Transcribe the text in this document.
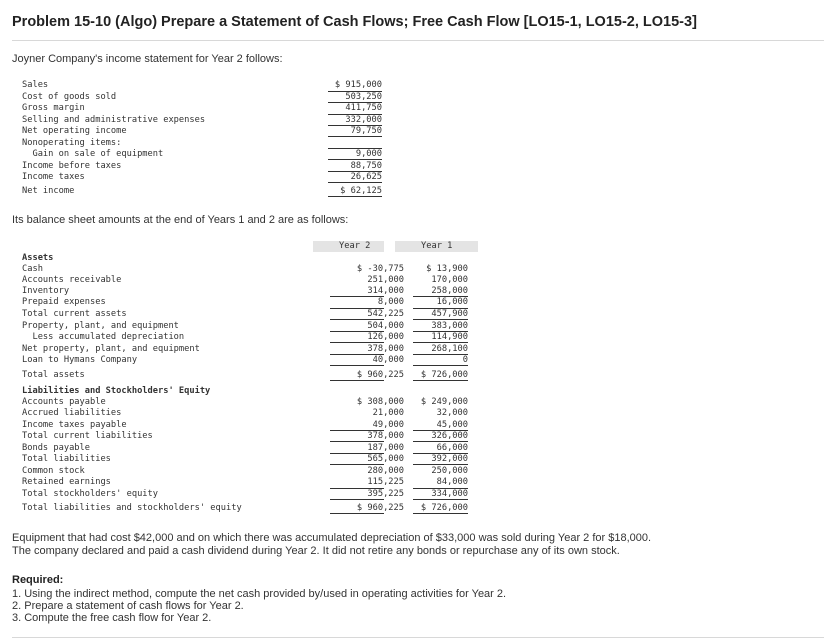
Problem 15-10 (Algo) Prepare a Statement of Cash Flows; Free Cash Flow [LO15-1, LO15-2, LO15-3]
Joyner Company's income statement for Year 2 follows:
Sales	$ 915,000
Cost of goods sold	503,250
Gross margin	411,750
Selling and administrative expenses	332,000
Net operating income	79,750
Nonoperating items:
Gain on sale of equipment	9,000
Income before taxes	88,750
Income taxes	26,625
Net income	$ 62,125
Its balance sheet amounts at the end of Years 1 and 2 are as follows:
Year 2	Year 1
Assets
Cash	$ -30,775	$ 13,900
Accounts receivable	251,000	170,000
Inventory	314,000	258,000
Prepaid expenses	8,000	16,000
Total current assets	542,225	457,900
Property, plant, and equipment	504,000	383,000
Less accumulated depreciation	126,000	114,900
Net property, plant, and equipment	378,000	268,100
Loan to Hymans Company	40,000	0
Total assets	$ 960,225	$ 726,000
Liabilities and Stockholders' Equity
Accounts payable	$ 308,000	$ 249,000
Accrued liabilities	21,000	32,000
Income taxes payable	49,000	45,000
Total current liabilities	378,000	326,000
Bonds payable	187,000	66,000
Total liabilities	565,000	392,000
Common stock	280,000	250,000
Retained earnings	115,225	84,000
Total stockholders' equity	395,225	334,000
Total liabilities and stockholders' equity	$ 960,225	$ 726,000
Equipment that had cost $42,000 and on which there was accumulated depreciation of $33,000 was sold during Year 2 for $18,000.
The company declared and paid a cash dividend during Year 2. It did not retire any bonds or repurchase any of its own stock.
Required:
1. Using the indirect method, compute the net cash provided by/used in operating activities for Year 2.
2. Prepare a statement of cash flows for Year 2.
3. Compute the free cash flow for Year 2.
